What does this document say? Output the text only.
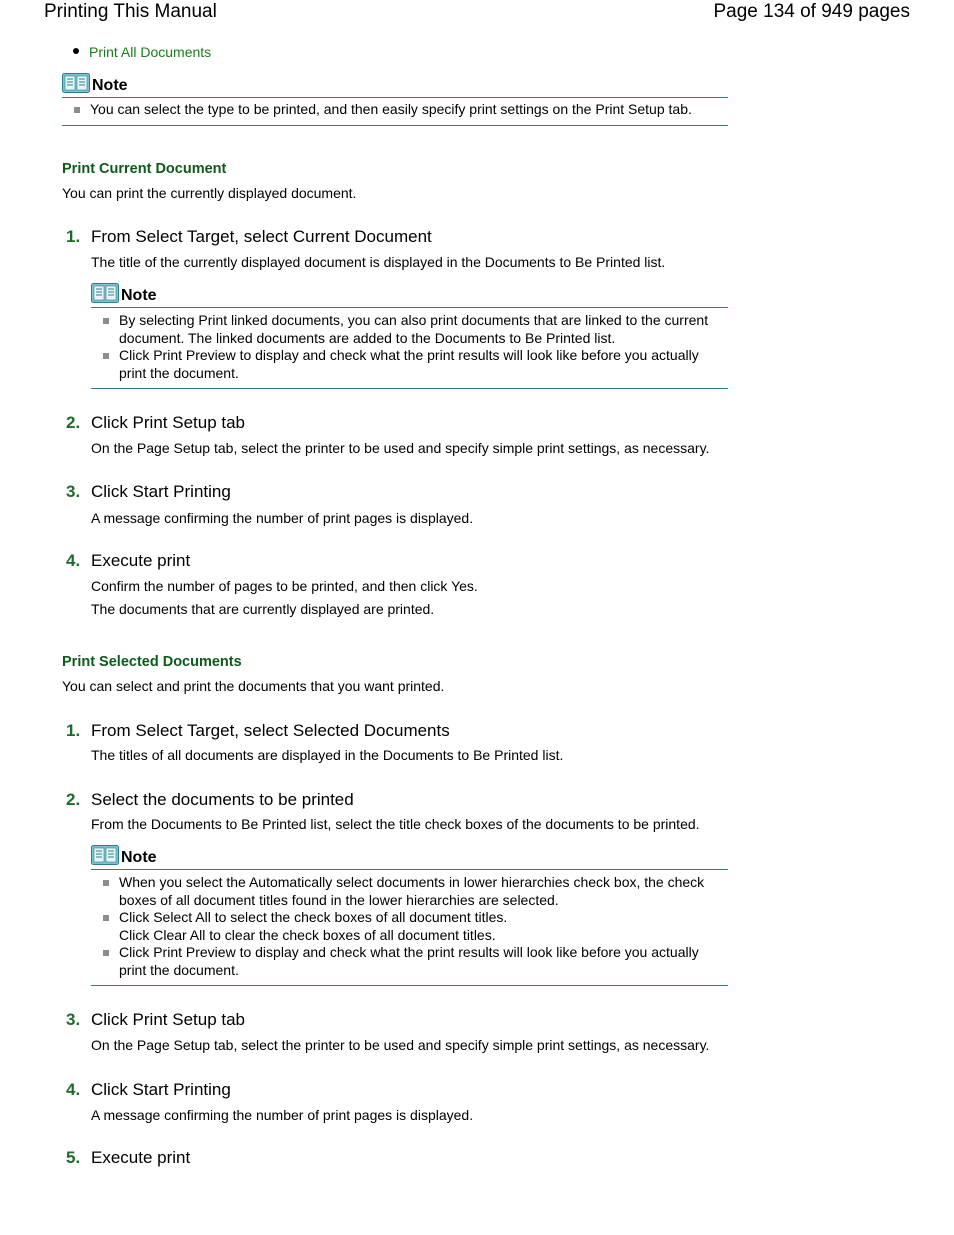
Printing This Manual	Page 134 of 949 pages
Print All Documents
Note
You can select the type to be printed, and then easily specify print settings on the Print Setup tab.
Print Current Document
You can print the currently displayed document.
1. From Select Target, select Current Document
The title of the currently displayed document is displayed in the Documents to Be Printed list.
Note
By selecting Print linked documents, you can also print documents that are linked to the current
document. The linked documents are added to the Documents to Be Printed list.
Click Print Preview to display and check what the print results will look like before you actually
print the document.
2. Click Print Setup tab
On the Page Setup tab, select the printer to be used and specify simple print settings, as necessary.
3. Click Start Printing
A message confirming the number of print pages is displayed.
4. Execute print
Confirm the number of pages to be printed, and then click Yes.
The documents that are currently displayed are printed.
Print Selected Documents
You can select and print the documents that you want printed.
1. From Select Target, select Selected Documents
The titles of all documents are displayed in the Documents to Be Printed list.
2. Select the documents to be printed
From the Documents to Be Printed list, select the title check boxes of the documents to be printed.
Note
When you select the Automatically select documents in lower hierarchies check box, the check
boxes of all document titles found in the lower hierarchies are selected.
Click Select All to select the check boxes of all document titles.
Click Clear All to clear the check boxes of all document titles.
Click Print Preview to display and check what the print results will look like before you actually
print the document.
3. Click Print Setup tab
On the Page Setup tab, select the printer to be used and specify simple print settings, as necessary.
4. Click Start Printing
A message confirming the number of print pages is displayed.
5. Execute print
